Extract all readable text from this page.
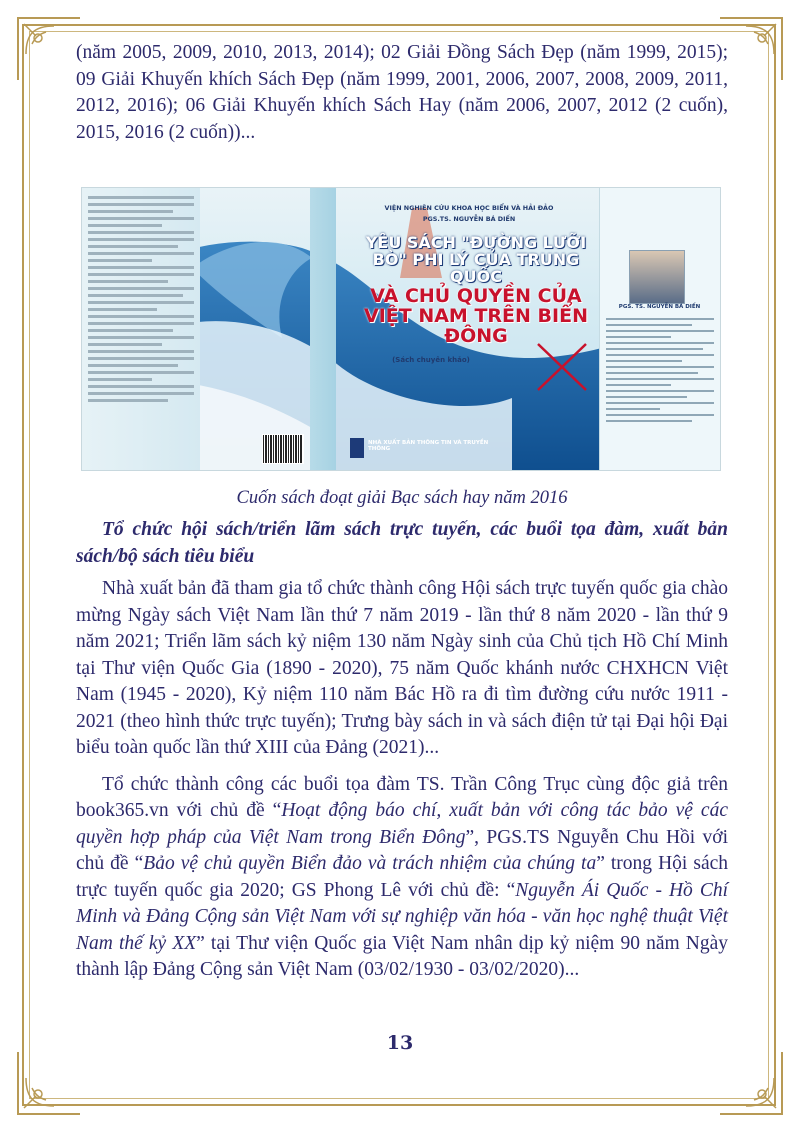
(năm 2005, 2009, 2010, 2013, 2014); 02 Giải Đồng Sách Đẹp (năm 1999, 2015); 09 Giải Khuyến khích Sách Đẹp (năm 1999, 2001, 2006, 2007, 2008, 2009, 2011, 2012, 2016); 06 Giải Khuyến khích Sách Hay (năm 2006, 2007, 2012 (2 cuốn), 2015, 2016 (2 cuốn))...

VIỆN NGHIÊN CỨU KHOA HỌC BIỂN VÀ HẢI ĐẢO
PGS.TS. NGUYỄN BÁ DIẾN
YÊU SÁCH "ĐƯỜNG LƯỠI BÒ" PHI LÝ CỦA TRUNG QUỐC
VÀ CHỦ QUYỀN CỦA VIỆT NAM TRÊN BIỂN ĐÔNG
(Sách chuyên khảo)
NHÀ XUẤT BẢN THÔNG TIN VÀ TRUYỀN THÔNG
PGS. TS. NGUYỄN BÁ DIẾN
Cuốn sách đoạt giải Bạc sách hay năm 2016

Tổ chức hội sách/triển lãm sách trực tuyến, các buổi tọa đàm, xuất bản sách/bộ sách tiêu biểu

Nhà xuất bản đã tham gia tổ chức thành công Hội sách trực tuyến quốc gia chào mừng Ngày sách Việt Nam lần thứ 7 năm 2019 - lần thứ 8 năm 2020 - lần thứ 9 năm 2021; Triển lãm sách kỷ niệm 130 năm Ngày sinh của Chủ tịch Hồ Chí Minh tại Thư viện Quốc Gia (1890 - 2020), 75 năm Quốc khánh nước CHXHCN Việt Nam (1945 - 2020), Kỷ niệm 110 năm Bác Hồ ra đi tìm đường cứu nước 1911 - 2021 (theo hình thức trực tuyến); Trưng bày sách in và sách điện tử tại Đại hội Đại biểu toàn quốc lần thứ XIII của Đảng (2021)...

Tổ chức thành công các buổi tọa đàm TS. Trần Công Trục cùng độc giả trên book365.vn với chủ đề “Hoạt động báo chí, xuất bản với công tác bảo vệ các quyền hợp pháp của Việt Nam trong Biển Đông”, PGS.TS Nguyễn Chu Hồi với chủ đề “Bảo vệ chủ quyền Biển đảo và trách nhiệm của chúng ta” trong Hội sách trực tuyến quốc gia 2020; GS Phong Lê với chủ đề: “Nguyễn Ái Quốc - Hồ Chí Minh và Đảng Cộng sản Việt Nam với sự nghiệp văn hóa - văn học nghệ thuật Việt Nam thế kỷ XX” tại Thư viện Quốc gia Việt Nam nhân dịp kỷ niệm 90 năm Ngày thành lập Đảng Cộng sản Việt Nam (03/02/1930 - 03/02/2020)...

13
